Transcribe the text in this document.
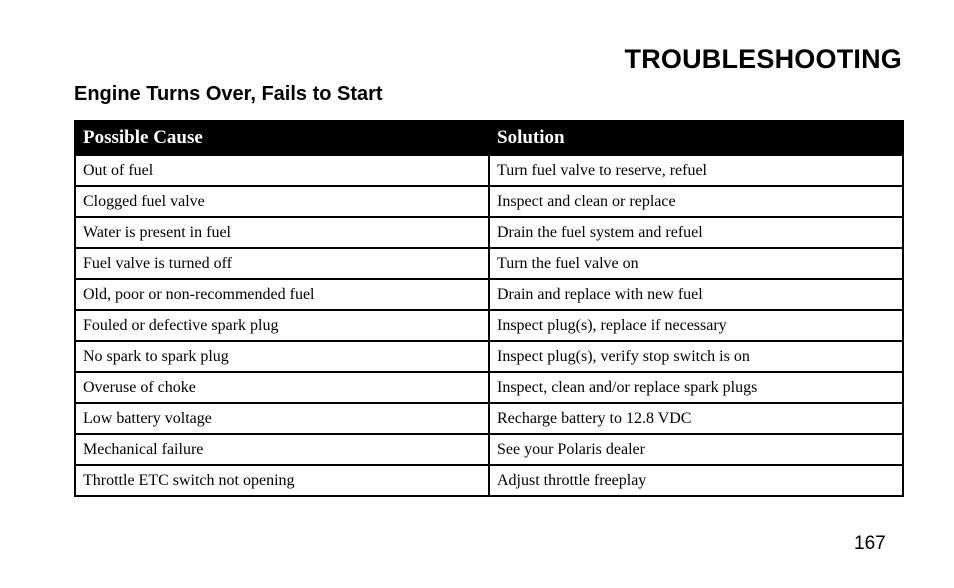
TROUBLESHOOTING
Engine Turns Over, Fails to Start
Possible Cause	Solution
Out of fuel	Turn fuel valve to reserve, refuel
Clogged fuel valve	Inspect and clean or replace
Water is present in fuel	Drain the fuel system and refuel
Fuel valve is turned off	Turn the fuel valve on
Old, poor or non-recommended fuel	Drain and replace with new fuel
Fouled or defective spark plug	Inspect plug(s), replace if necessary
No spark to spark plug	Inspect plug(s), verify stop switch is on
Overuse of choke	Inspect, clean and/or replace spark plugs
Low battery voltage	Recharge battery to 12.8 VDC
Mechanical failure	See your Polaris dealer
Throttle ETC switch not opening	Adjust throttle freeplay
167
